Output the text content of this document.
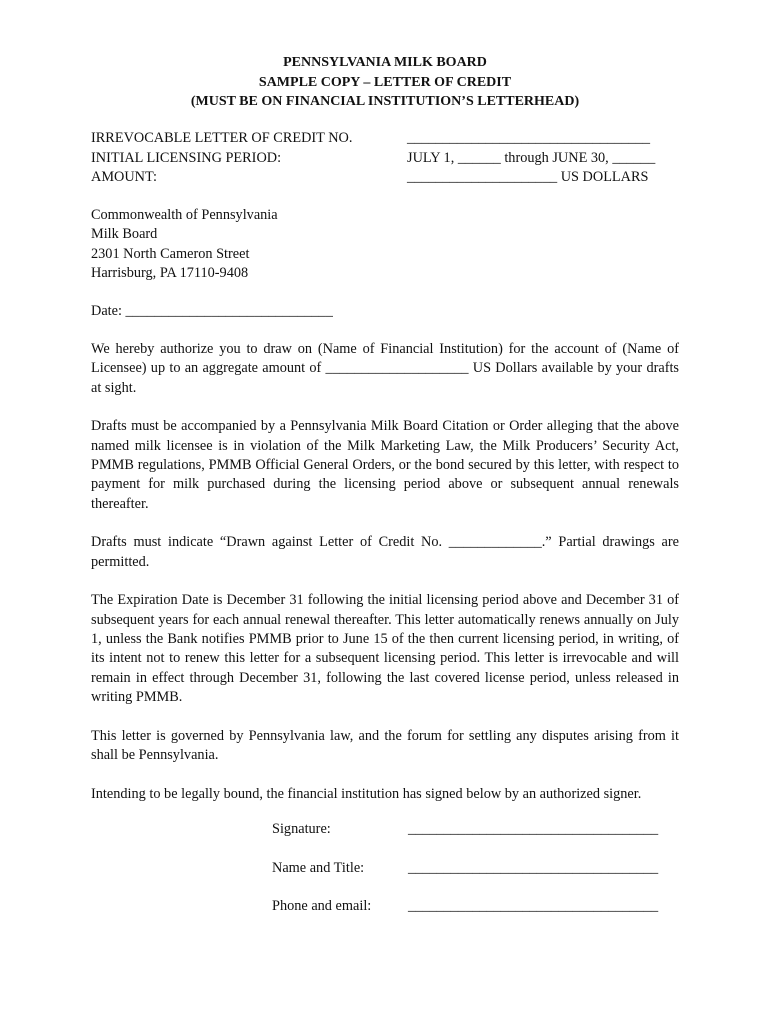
PENNSYLVANIA MILK BOARD
SAMPLE COPY – LETTER OF CREDIT
(MUST BE ON FINANCIAL INSTITUTION’S LETTERHEAD)
IRREVOCABLE LETTER OF CREDIT NO.	__________________________________
INITIAL LICENSING PERIOD:	JULY 1, ______ through JUNE 30, ______
AMOUNT:	_____________________ US DOLLARS
Commonwealth of Pennsylvania
Milk Board
2301 North Cameron Street
Harrisburg, PA 17110-9408
Date: _____________________________

We hereby authorize you to draw on (Name of Financial Institution) for the account of (Name of Licensee) up to an aggregate amount of ____________________ US Dollars available by your drafts at sight.

Drafts must be accompanied by a Pennsylvania Milk Board Citation or Order alleging that the above named milk licensee is in violation of the Milk Marketing Law, the Milk Producers’ Security Act, PMMB regulations, PMMB Official General Orders, or the bond secured by this letter, with respect to payment for milk purchased during the licensing period above or subsequent annual renewals thereafter.

Drafts must indicate “Drawn against Letter of Credit No. _____________.” Partial drawings are permitted.

The Expiration Date is December 31 following the initial licensing period above and December 31 of subsequent years for each annual renewal thereafter. This letter automatically renews annually on July 1, unless the Bank notifies PMMB prior to June 15 of the then current licensing period, in writing, of its intent not to renew this letter for a subsequent licensing period. This letter is irrevocable and will remain in effect through December 31, following the last covered license period, unless released in writing PMMB.

This letter is governed by Pennsylvania law, and the forum for settling any disputes arising from it shall be Pennsylvania.

Intending to be legally bound, the financial institution has signed below by an authorized signer.

Signature:	___________________________________
Name and Title:	___________________________________
Phone and email:	___________________________________
